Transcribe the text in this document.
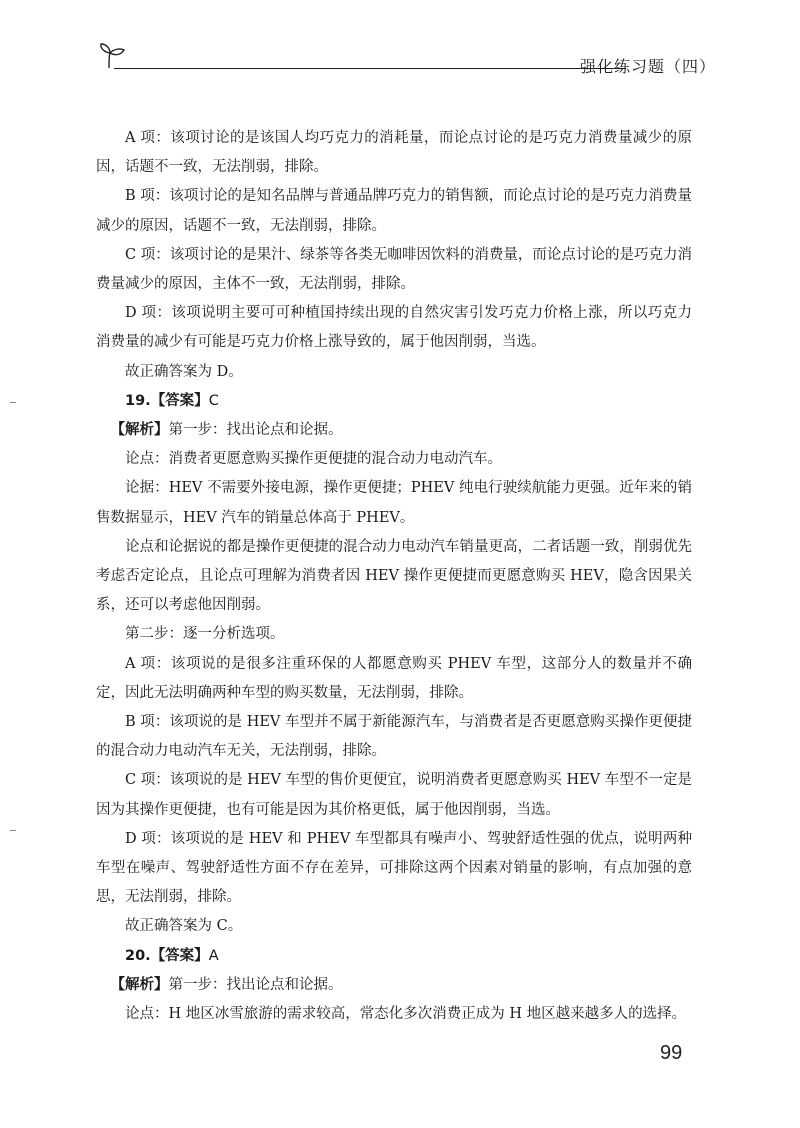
强化练习题（四）

A 项：该项讨论的是该国人均巧克力的消耗量，而论点讨论的是巧克力消费量减少的原因，话题不一致，无法削弱，排除。

B 项：该项讨论的是知名品牌与普通品牌巧克力的销售额，而论点讨论的是巧克力消费量减少的原因，话题不一致，无法削弱，排除。

C 项：该项讨论的是果汁、绿茶等各类无咖啡因饮料的消费量，而论点讨论的是巧克力消费量减少的原因，主体不一致，无法削弱，排除。

D 项：该项说明主要可可种植国持续出现的自然灾害引发巧克力价格上涨，所以巧克力消费量的减少有可能是巧克力价格上涨导致的，属于他因削弱，当选。

故正确答案为 D。

19.【答案】C

【解析】第一步：找出论点和论据。

论点：消费者更愿意购买操作更便捷的混合动力电动汽车。

论据：HEV 不需要外接电源，操作更便捷；PHEV 纯电行驶续航能力更强。近年来的销售数据显示，HEV 汽车的销量总体高于 PHEV。

论点和论据说的都是操作更便捷的混合动力电动汽车销量更高，二者话题一致，削弱优先考虑否定论点，且论点可理解为消费者因 HEV 操作更便捷而更愿意购买 HEV，隐含因果关系，还可以考虑他因削弱。

第二步：逐一分析选项。

A 项：该项说的是很多注重环保的人都愿意购买 PHEV 车型，这部分人的数量并不确定，因此无法明确两种车型的购买数量，无法削弱，排除。

B 项：该项说的是 HEV 车型并不属于新能源汽车，与消费者是否更愿意购买操作更便捷的混合动力电动汽车无关，无法削弱，排除。

C 项：该项说的是 HEV 车型的售价更便宜，说明消费者更愿意购买 HEV 车型不一定是因为其操作更便捷，也有可能是因为其价格更低，属于他因削弱，当选。

D 项：该项说的是 HEV 和 PHEV 车型都具有噪声小、驾驶舒适性强的优点，说明两种车型在噪声、驾驶舒适性方面不存在差异，可排除这两个因素对销量的影响，有点加强的意思，无法削弱，排除。

故正确答案为 C。

20.【答案】A

【解析】第一步：找出论点和论据。

论点：H 地区冰雪旅游的需求较高，常态化多次消费正成为 H 地区越来越多人的选择。

99
